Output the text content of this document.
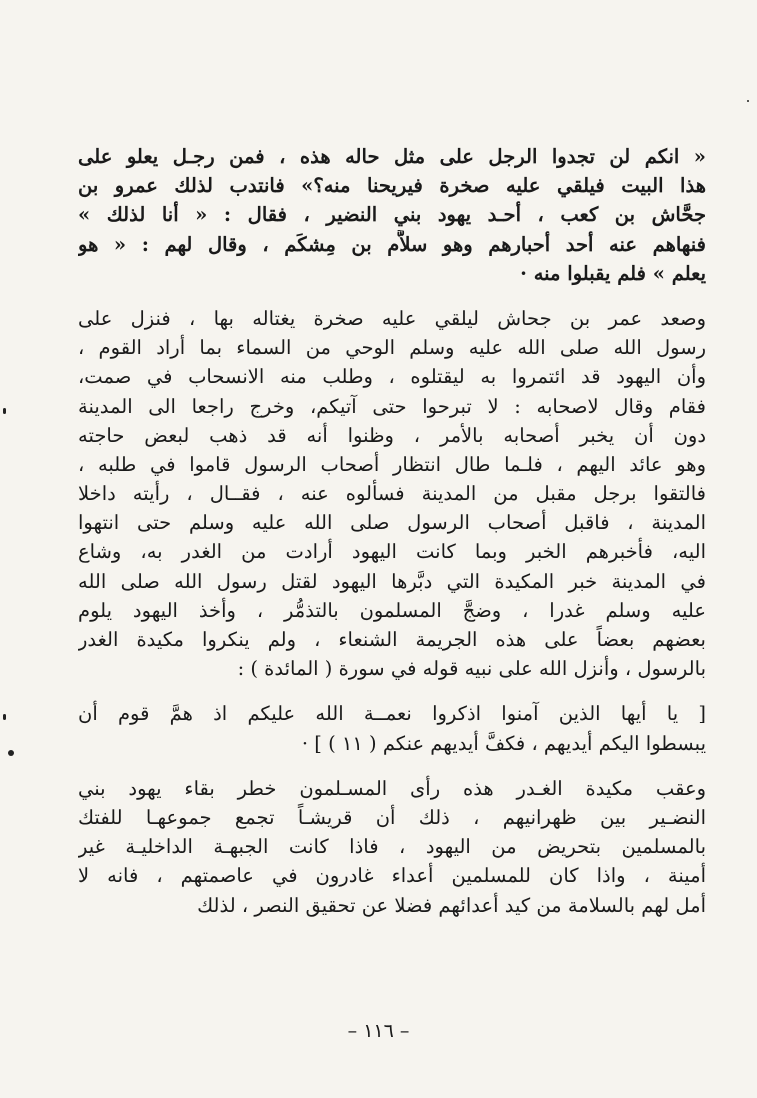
« انكم لن تجدوا الرجل على مثل حاله هذه ، فمن رجـل يعلو على
هذا البيت فيلقي عليه صخرة فيريحنا منه؟» فانتدب لذلك عمرو بن
جحَّاش بن كعب ، أحـد يهود بني النضير ، فقال : « أنا لذلك »
فنهاهم عنه أحد أحبارهم وهو سلاَّم بن مِشكَم ، وقال لهم : « هو
يعلم » فلم يقبلوا منه ·
وصعد عمر بن جحاش ليلقي عليه صخرة يغتاله بها ، فنزل على
رسول الله صلى الله عليه وسلم الوحي من السماء بما أراد القوم ،
وأن اليهود قد ائتمروا به ليقتلوه ، وطلب منه الانسحاب في صمت،
فقام وقال لاصحابه : لا تبرحوا حتى آتيكم، وخرج راجعا الى المدينة
دون أن يخبر أصحابه بالأمر ، وظنوا أنه قد ذهب لبعض حاجته
وهو عائد اليهم ، فلـما طال انتظار أصحاب الرسول قاموا في طلبه ،
فالتقوا برجل مقبل من المدينة فسألوه عنه ، فقــال ، رأيته داخلا
المدينة ، فاقبل أصحاب الرسول صلى الله عليه وسلم حتى انتهوا
اليه، فأخبرهم الخبر وبما كانت اليهود أرادت من الغدر به، وشاع
في المدينة خبر المكيدة التي دبَّرها اليهود لقتل رسول الله صلى الله
عليه وسلم غدرا ، وضجَّ المسلمون بالتذمُّر ، وأخذ اليهود يلوم
بعضهم بعضاً على هذه الجريمة الشنعاء ، ولم ينكروا مكيدة الغدر
بالرسول ، وأنزل الله على نبيه قوله في سورة ( المائدة ) :
[ يا أيها الذين آمنوا اذكروا نعمــة الله عليكم اذ همَّ قوم أن
يبسطوا اليكم أيديهم ، فكفَّ أيديهم عنكم ( ١١ ) ] ·
وعقب مكيدة الغـدر هذه رأى المسـلمون خطر بقاء يهود بني
النضـير بين ظهرانيهم ، ذلك أن قريشـاً تجمع جموعهـا للفتك
بالمسلمين بتحريض من اليهود ، فاذا كانت الجبهـة الداخليـة غير
أمينة ، واذا كان للمسلمين أعداء غادرون في عاصمتهم ، فانه لا
أمل لهم بالسلامة من كيد أعدائهم فضلا عن تحقيق النصر ، لذلك
– ١١٦ –
